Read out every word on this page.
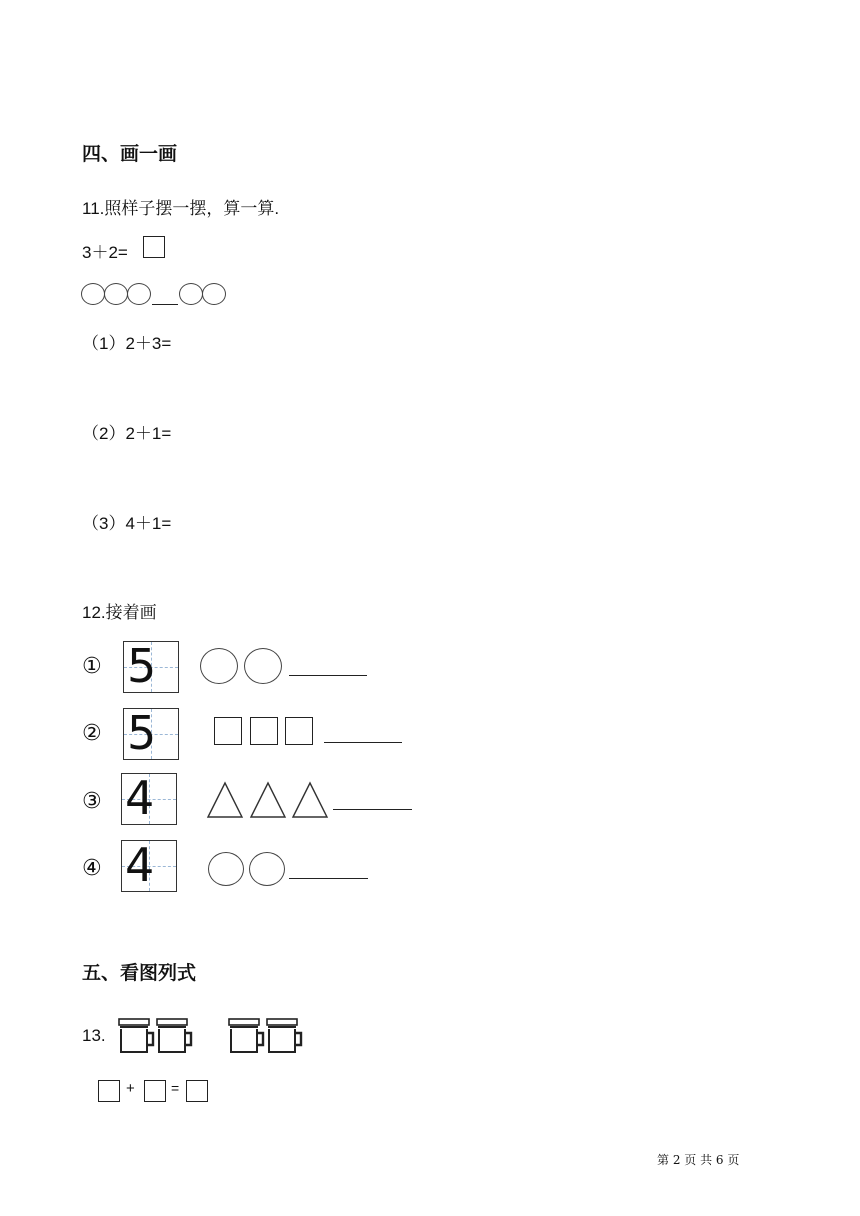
四、画一画
11.照样子摆一摆，算一算.
3＋2=
（1）2＋3=
（2）2＋1=
（3）4＋1=
12.接着画
① 5
② 5
③ 4
④ 4
五、看图列式
13.
+	=
第 2 页 共 6 页
